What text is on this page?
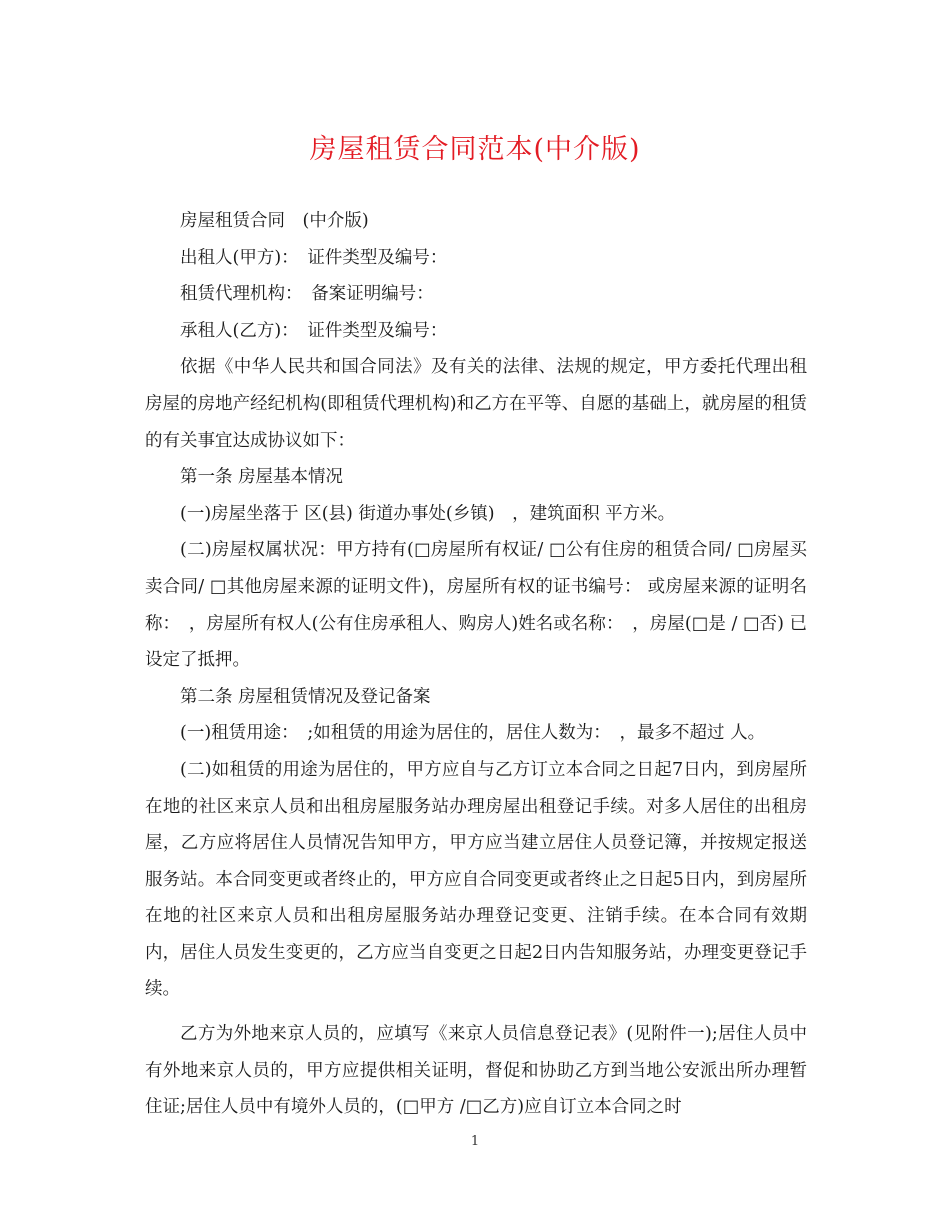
房屋租赁合同范本(中介版)

房屋租赁合同　(中介版)

出租人(甲方)：　证件类型及编号：

租赁代理机构：　备案证明编号：

承租人(乙方)：　证件类型及编号：

依据《中华人民共和国合同法》及有关的法律、法规的规定，甲方委托代理出租房屋的房地产经纪机构(即租赁代理机构)和乙方在平等、自愿的基础上，就房屋的租赁的有关事宜达成协议如下：

第一条 房屋基本情况

(一)房屋坐落于 区(县) 街道办事处(乡镇)　，建筑面积 平方米。

(二)房屋权属状况：甲方持有(□房屋所有权证/ □公有住房的租赁合同/ □房屋买卖合同/ □其他房屋来源的证明文件)，房屋所有权的证书编号： 或房屋来源的证明名称：　，房屋所有权人(公有住房承租人、购房人)姓名或名称：　，房屋(□是 / □否) 已设定了抵押。

第二条 房屋租赁情况及登记备案

(一)租赁用途：　;如租赁的用途为居住的，居住人数为：　，最多不超过 人。

(二)如租赁的用途为居住的，甲方应自与乙方订立本合同之日起7日内，到房屋所在地的社区来京人员和出租房屋服务站办理房屋出租登记手续。对多人居住的出租房屋，乙方应将居住人员情况告知甲方，甲方应当建立居住人员登记簿，并按规定报送服务站。本合同变更或者终止的，甲方应自合同变更或者终止之日起5日内，到房屋所在地的社区来京人员和出租房屋服务站办理登记变更、注销手续。在本合同有效期内，居住人员发生变更的，乙方应当自变更之日起2日内告知服务站，办理变更登记手续。

乙方为外地来京人员的，应填写《来京人员信息登记表》(见附件一);居住人员中有外地来京人员的，甲方应提供相关证明，督促和协助乙方到当地公安派出所办理暂住证;居住人员中有境外人员的，(□甲方 /□乙方)应自订立本合同之时

1
